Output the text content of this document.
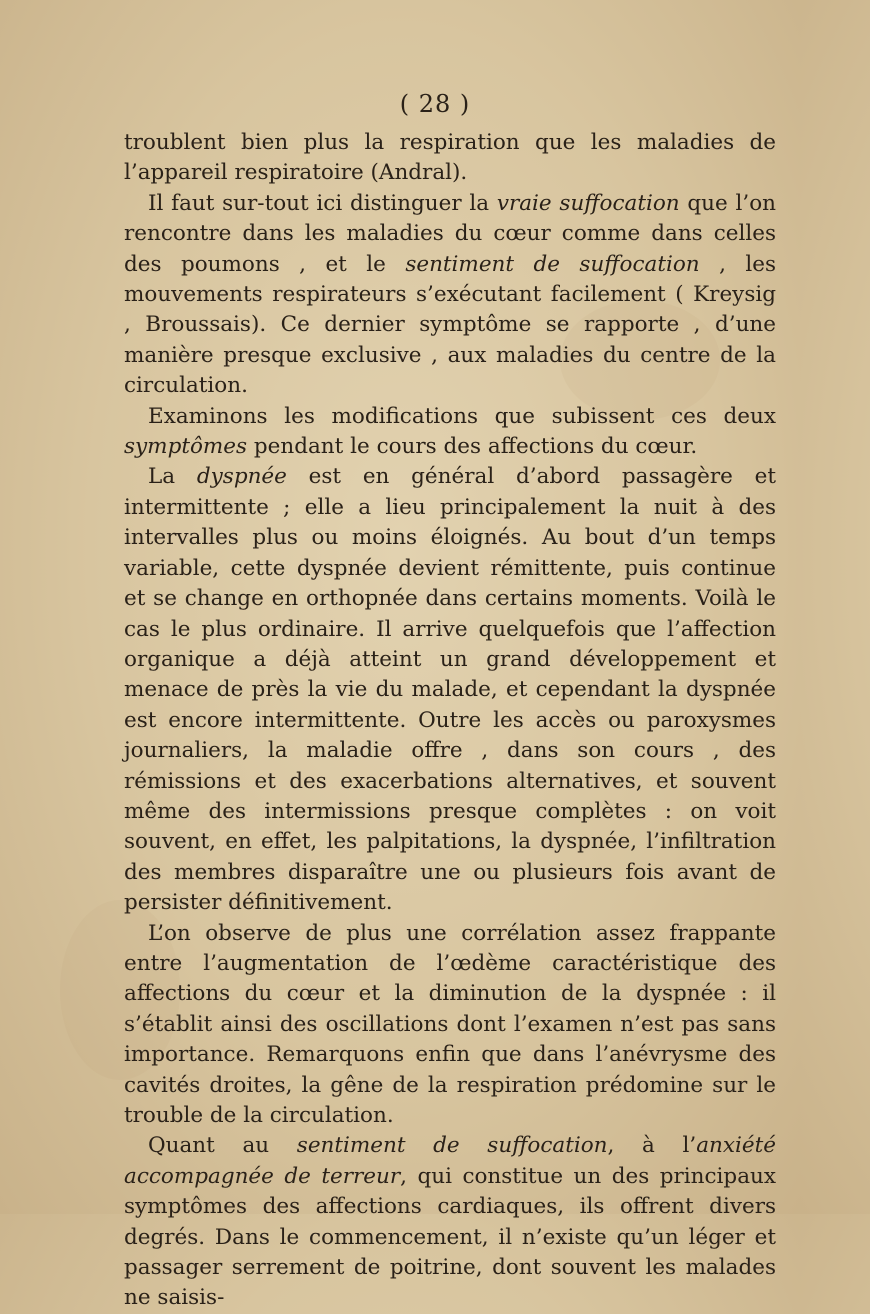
( 28 )

troublent bien plus la respiration que les maladies de l’appareil respiratoire (Andral).

Il faut sur-tout ici distinguer la vraie suffocation que l’on rencontre dans les maladies du cœur comme dans celles des poumons , et le sentiment de suffocation , les mouvements respirateurs s’exécutant facilement ( Kreysig , Broussais). Ce dernier symptôme se rapporte , d’une manière presque exclusive , aux maladies du centre de la circulation.

Examinons les modifications que subissent ces deux symptômes pendant le cours des affections du cœur.

La dyspnée est en général d’abord passagère et intermittente ; elle a lieu principalement la nuit à des intervalles plus ou moins éloignés. Au bout d’un temps variable, cette dyspnée devient rémittente, puis continue et se change en orthopnée dans certains moments. Voilà le cas le plus ordinaire. Il arrive quelquefois que l’affection organique a déjà atteint un grand développement et menace de près la vie du malade, et cependant la dyspnée est encore intermittente. Outre les accès ou paroxysmes journaliers, la maladie offre , dans son cours , des rémissions et des exacerbations alternatives, et souvent même des intermissions presque complètes : on voit souvent, en effet, les palpitations, la dyspnée, l’infiltration des membres disparaître une ou plusieurs fois avant de persister définitivement.

L’on observe de plus une corrélation assez frappante entre l’augmentation de l’œdème caractéristique des affections du cœur et la diminution de la dyspnée : il s’établit ainsi des oscillations dont l’examen n’est pas sans importance. Remarquons enfin que dans l’anévrysme des cavités droites, la gêne de la respiration prédomine sur le trouble de la circulation.

Quant au sentiment de suffocation, à l’anxiété accompagnée de terreur, qui constitue un des principaux symptômes des affections cardiaques, ils offrent divers degrés. Dans le commencement, il n’existe qu’un léger et passager serrement de poitrine, dont souvent les malades ne saisis-
